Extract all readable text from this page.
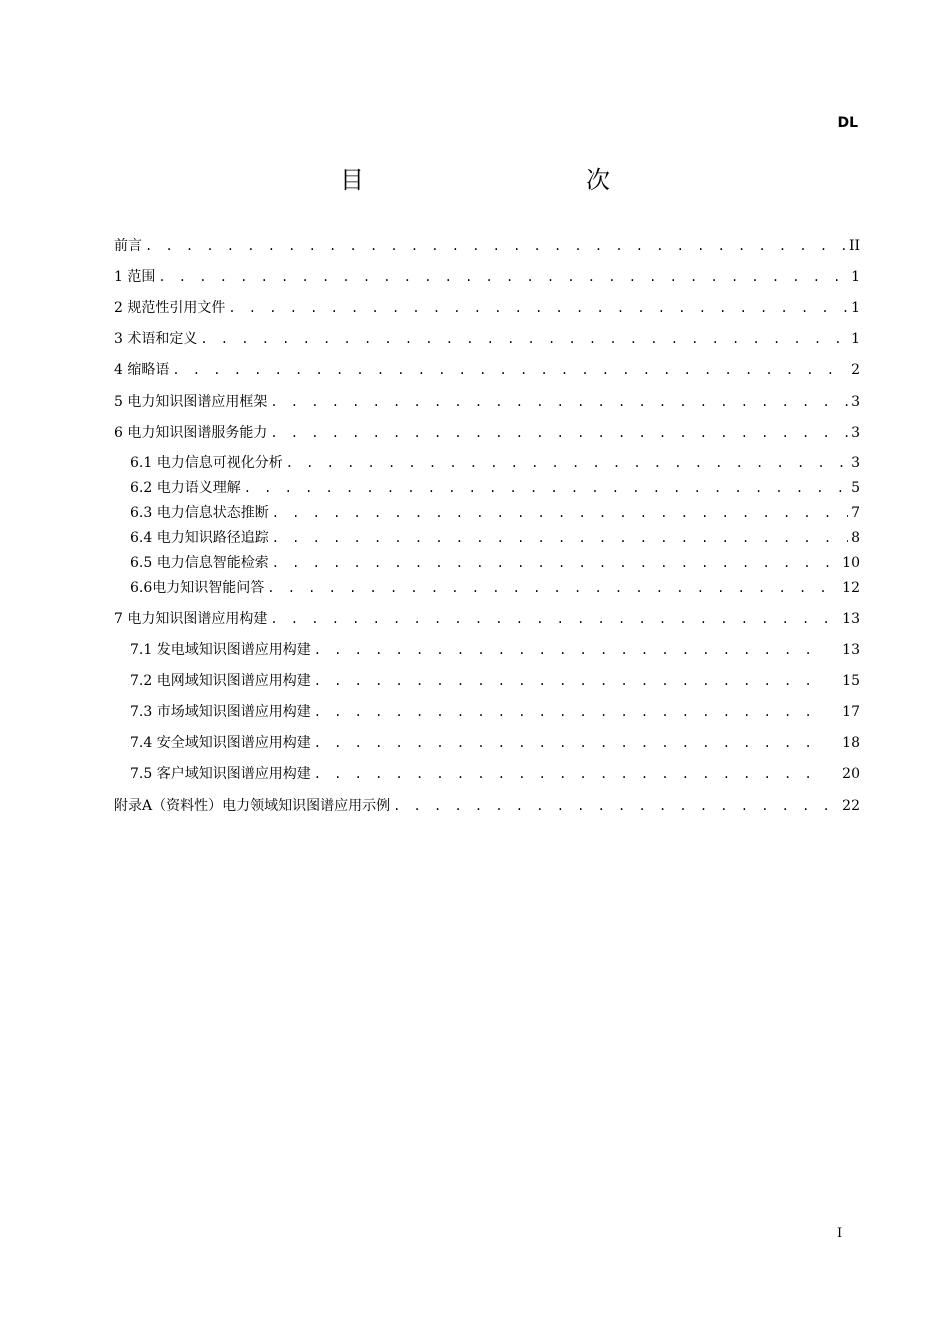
DL
目　　次
前言 . . .	II
1 范围 . . .	1
2 规范性引用文件 . . .	1
3 术语和定义 . . .	1
4 缩略语 . . .	2
5 电力知识图谱应用框架 . . .	3
6 电力知识图谱服务能力 . . .	3
6.1 电力信息可视化分析 . . .	3
6.2 电力语义理解 . . .	5
6.3 电力信息状态推断 . . .	7
6.4 电力知识路径追踪 . . .	8
6.5 电力信息智能检索 . . .	10
6.6电力知识智能问答 . . .	12
7 电力知识图谱应用构建 . . .	13
7.1 发电域知识图谱应用构建 . . .	13
7.2 电网域知识图谱应用构建 . . .	15
7.3 市场域知识图谱应用构建 . . .	17
7.4 安全域知识图谱应用构建 . . .	18
7.5 客户域知识图谱应用构建 . . .	20
附录A（资料性）电力领域知识图谱应用示例 . . .	22
I
